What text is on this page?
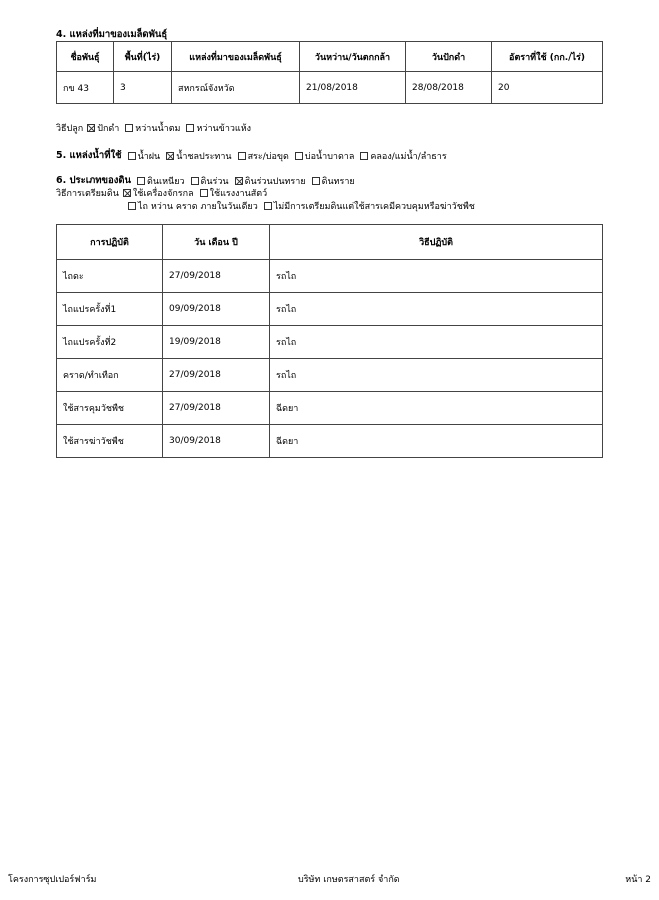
4. แหล่งที่มาของเมล็ดพันธุ์
ชื่อพันธุ์	พื้นที่(ไร่)	แหล่งที่มาของเมล็ดพันธุ์	วันหว่าน/วันตกกล้า	วันปักดำ	อัตราที่ใช้ (กก./ไร่)
กข 43	3	สหกรณ์จังหวัด	21/08/2018	28/08/2018	20
วิธีปลูก ปักดำ หว่านน้ำตม หว่านข้าวแห้ง
5. แหล่งน้ำที่ใช้ น้ำฝน น้ำชลประทาน สระ/บ่อขุด บ่อน้ำบาดาล คลอง/แม่น้ำ/ลำธาร
6. ประเภทของดิน ดินเหนียว ดินร่วน ดินร่วนปนทราย ดินทราย
วิธีการเตรียมดิน ใช้เครื่องจักรกล ใช้แรงงานสัตว์
ไถ หว่าน คราด ภายในวันเดียว ไม่มีการเตรียมดินแต่ใช้สารเคมีควบคุมหรือฆ่าวัชพืช
การปฏิบัติ	วัน เดือน ปี	วิธีปฏิบัติ
ไถดะ	27/09/2018	รถไถ
ไถแปรครั้งที่1	09/09/2018	รถไถ
ไถแปรครั้งที่2	19/09/2018	รถไถ
คราด/ทำเทือก	27/09/2018	รถไถ
ใช้สารคุมวัชพืช	27/09/2018	ฉีดยา
ใช้สารฆ่าวัชพืช	30/09/2018	ฉีดยา
โครงการซุปเปอร์ฟาร์ม	บริษัท เกษตรสาสตร์ จำกัด	หน้า 2
